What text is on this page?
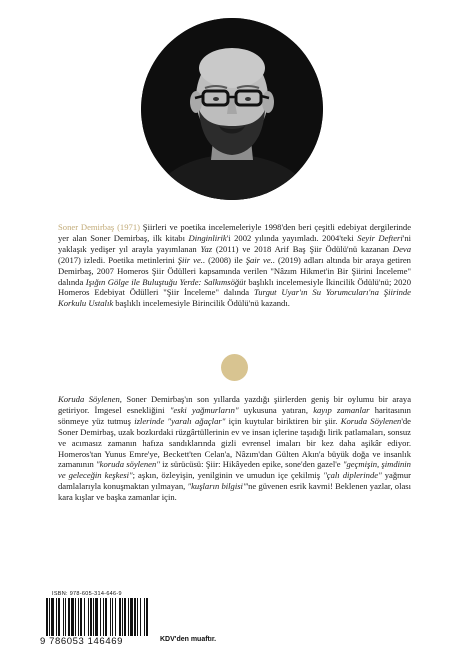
Soner Demirbaş (1971) Şiirleri ve poetika incelemeleriyle 1998'den beri çeşitli edebiyat dergilerinde yer alan Soner Demirbaş, ilk kitabı Dinginlirik'i 2002 yılında yayımladı. 2004'teki Seyir Defteri'ni yaklaşık yedişer yıl arayla yayımlanan Yaz (2011) ve 2018 Arif Baş Şiir Ödülü'nü kazanan Deva (2017) izledi. Poetika metinlerini Şiir ve.. (2008) ile Şair ve.. (2019) adları altında bir araya getiren Demirbaş, 2007 Homeros Şiir Ödülleri kapsamında verilen "Nâzım Hikmet'in Bir Şiirini İnceleme" dalında Işığın Gölge ile Buluştuğu Yerde: Salkımsöğüt başlıklı incelemesiyle İkincilik Ödülü'nü; 2020 Homeros Edebiyat Ödülleri "Şiir İnceleme" dalında Turgut Uyar'ın Su Yorumcuları'na Şiirinde Korkulu Ustalık başlıklı incelemesiyle Birincilik Ödülü'nü kazandı.

Koruda Söylenen, Soner Demirbaş'ın son yıllarda yazdığı şiirlerden geniş bir oylumu bir araya getiriyor. İmgesel esnekliğini "eski yağmurların" uykusuna yatıran, kayıp zamanlar haritasının sönmeye yüz tutmuş izlerinde "yaralı ağaçlar" için kuytular biriktiren bir şiir. Koruda Söylenen'de Soner Demirbaş, uzak bozkırdaki rüzgârtüllerinin ev ve insan içlerine taşıdığı lirik patlamaları, sonsuz ve acımasız zamanın hafıza sandıklarında gizli evrensel imaları bir kez daha aşikâr ediyor. Homeros'tan Yunus Emre'ye, Beckett'ten Celan'a, Nâzım'dan Gülten Akın'a büyük doğa ve insanlık zamanının "koruda söylenen" iz sürücüsü: Şiir: Hikâyeden epike, sone'den gazel'e "geçmişin, şimdinin ve geleceğin keşkesi"; aşkın, özleyişin, yenilginin ve umudun içe çekilmiş "çalı diplerinde" yağmur damlalarıyla konuşmaktan yılmayan, "kuşların bilgisi"'ne güvenen esrik kavmi! Beklenen yazlar, olası kara kışlar ve başka zamanlar için.

ISBN: 978-605-314-646-9
9 786053 146469	KDV'den muaftır.
